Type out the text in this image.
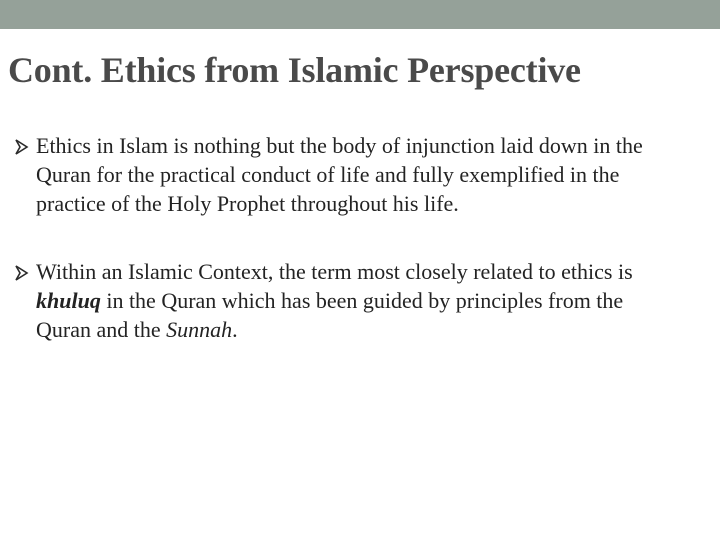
Cont. Ethics from Islamic Perspective
Ethics in Islam is nothing but the body of injunction laid down in the Quran for the practical conduct of life and fully exemplified in the practice of the Holy Prophet throughout his life.
Within an Islamic Context, the term most closely related to ethics is khuluq in the Quran which has been guided by principles from the Quran and the Sunnah.
